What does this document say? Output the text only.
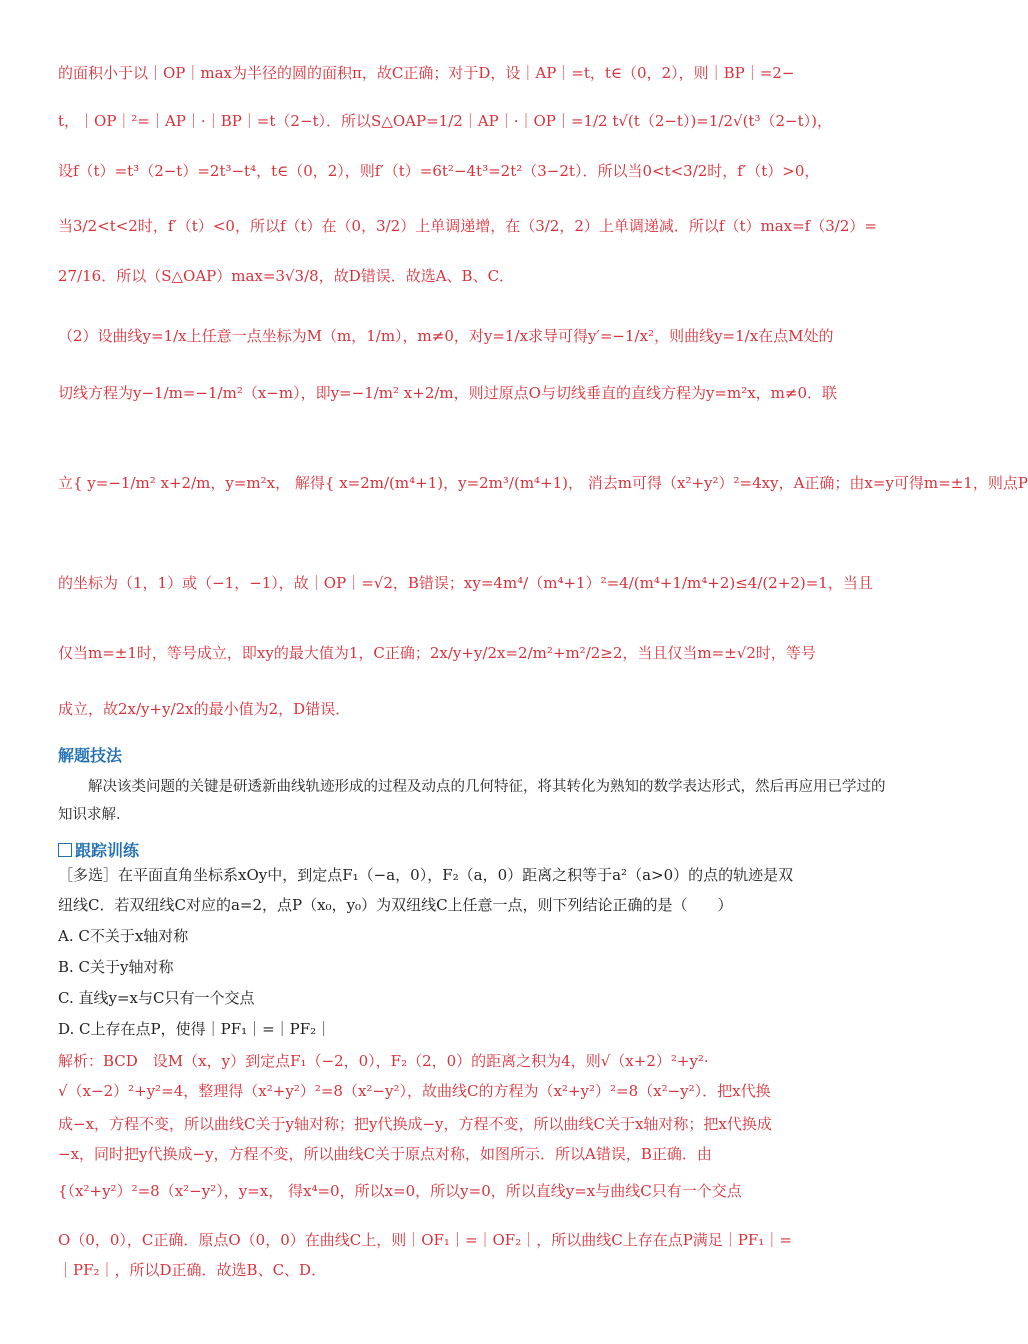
的面积小于以｜OP｜max为半径的圆的面积π，故C正确；对于D，设｜AP｜=t，t∈（0，2），则｜BP｜=2−
t，｜OP｜²=｜AP｜·｜BP｜=t（2−t）．所以S△OAP=1/2｜AP｜·｜OP｜=1/2 t√(t（2−t）)=1/2√(t³（2−t）)，
设f（t）=t³（2−t）=2t³−t⁴，t∈（0，2），则f′（t）=6t²−4t³=2t²（3−2t）．所以当0<t<3/2时，f′（t）>0，
当3/2<t<2时，f′（t）<0，所以f（t）在（0，3/2）上单调递增，在（3/2，2）上单调递减．所以f（t）max=f（3/2）=
27/16．所以（S△OAP）max=3√3/8，故D错误．故选A、B、C．
（2）设曲线y=1/x上任意一点坐标为M（m，1/m），m≠0，对y=1/x求导可得y′=−1/x²，则曲线y=1/x在点M处的
切线方程为y−1/m=−1/m²（x−m），即y=−1/m² x+2/m，则过原点O与切线垂直的直线方程为y=m²x，m≠0．联
立{ y=−1/m² x+2/m，y=m²x， 解得{ x=2m/(m⁴+1)，y=2m³/(m⁴+1)， 消去m可得（x²+y²）²=4xy，A正确；由x=y可得m=±1，则点P
的坐标为（1，1）或（−1，−1），故｜OP｜=√2，B错误；xy=4m⁴/（m⁴+1）²=4/(m⁴+1/m⁴+2)≤4/(2+2)=1，当且
仅当m=±1时，等号成立，即xy的最大值为1，C正确；2x/y+y/2x=2/m²+m²/2≥2，当且仅当m=±√2时，等号
成立，故2x/y+y/2x的最小值为2，D错误．
解题技法
解决该类问题的关键是研透新曲线轨迹形成的过程及动点的几何特征，将其转化为熟知的数学表达形式，然后再应用已学过的知识求解．
跟踪训练
［多选］在平面直角坐标系xOy中，到定点F₁（−a，0），F₂（a，0）距离之积等于a²（a>0）的点的轨迹是双
纽线C．若双纽线C对应的a=2，点P（x₀，y₀）为双纽线C上任意一点，则下列结论正确的是（　　）
A. C不关于x轴对称
B. C关于y轴对称
C. 直线y=x与C只有一个交点
D. C上存在点P，使得｜PF₁｜=｜PF₂｜
解析：BCD　设M（x，y）到定点F₁（−2，0），F₂（2，0）的距离之积为4，则√（x+2）²+y²·
√（x−2）²+y²=4，整理得（x²+y²）²=8（x²−y²），故曲线C的方程为（x²+y²）²=8（x²−y²）．把x代换
成−x，方程不变，所以曲线C关于y轴对称；把y代换成−y，方程不变，所以曲线C关于x轴对称；把x代换成
−x，同时把y代换成−y，方程不变，所以曲线C关于原点对称，如图所示．所以A错误，B正确．由
{（x²+y²）²=8（x²−y²），y=x， 得x⁴=0，所以x=0，所以y=0，所以直线y=x与曲线C只有一个交点
O（0，0），C正确．原点O（0，0）在曲线C上，则｜OF₁｜=｜OF₂｜，所以曲线C上存在点P满足｜PF₁｜=
｜PF₂｜，所以D正确．故选B、C、D．
